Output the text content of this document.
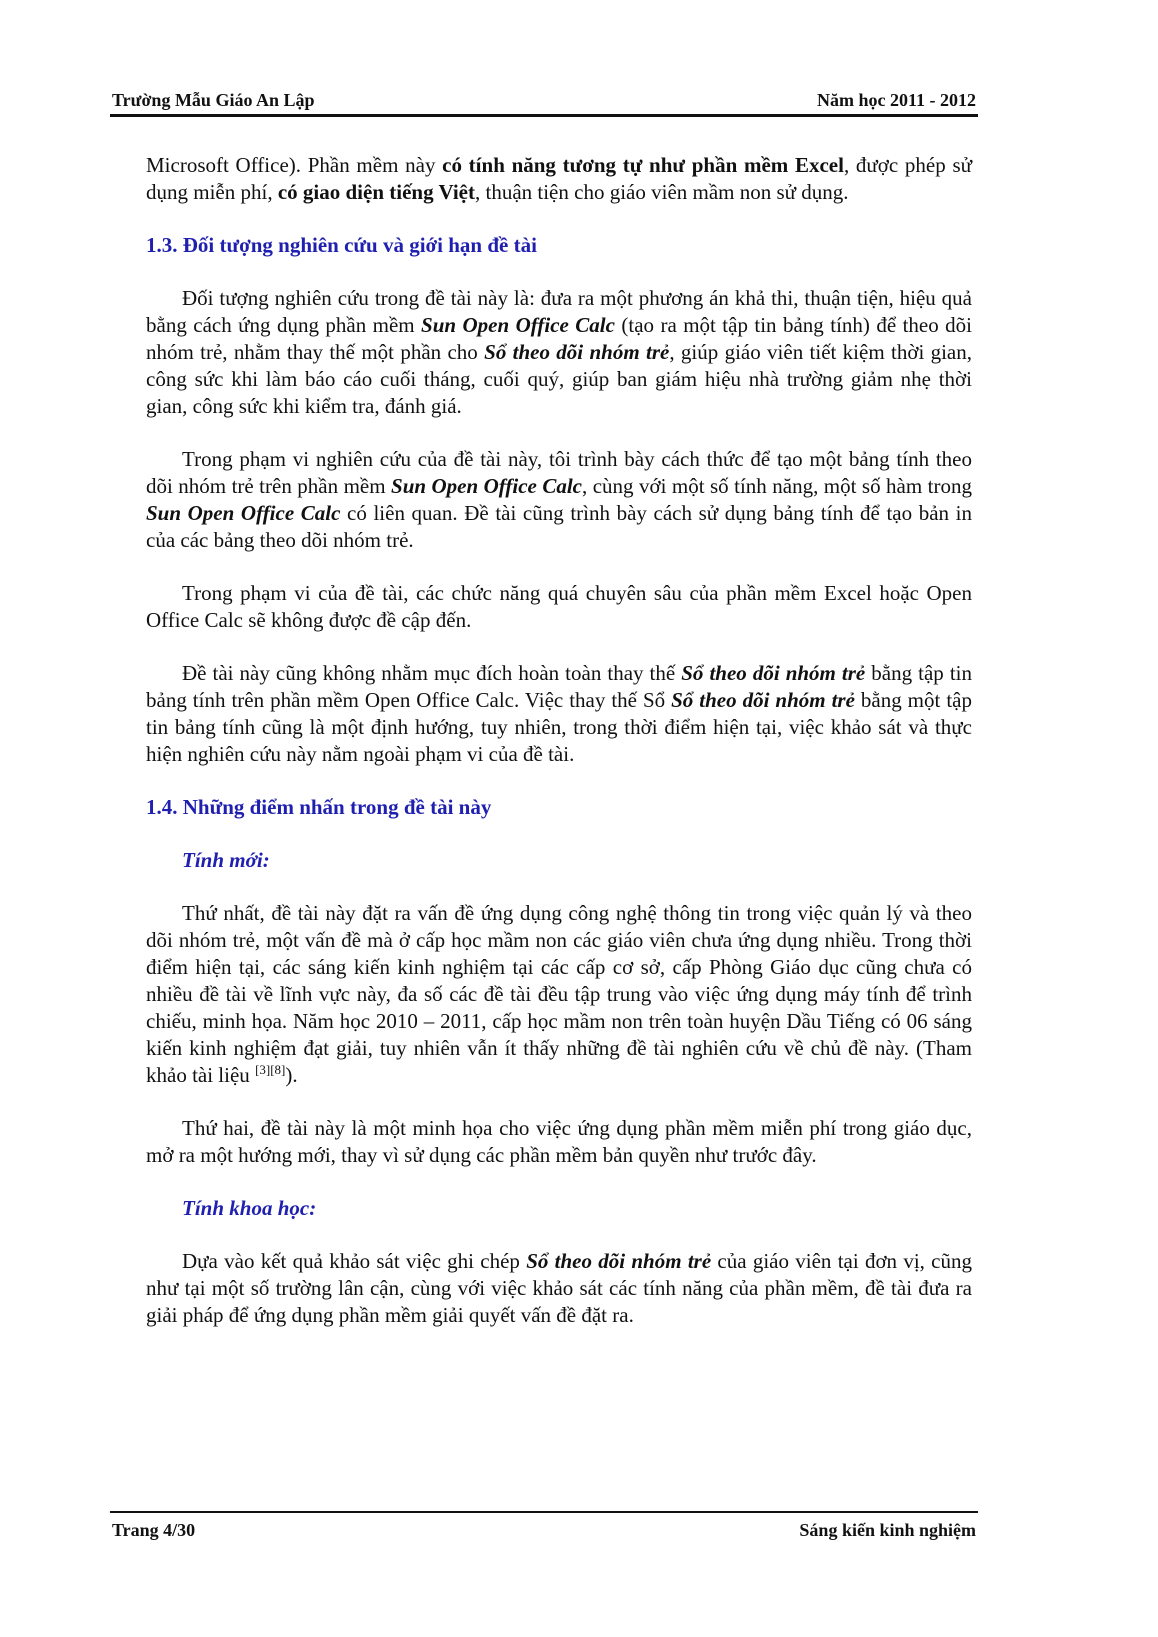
Trường Mẫu Giáo An Lập	Năm học 2011 - 2012

Microsoft Office). Phần mềm này có tính năng tương tự như phần mềm Excel, được phép sử dụng miễn phí, có giao diện tiếng Việt, thuận tiện cho giáo viên mầm non sử dụng.

1.3. Đối tượng nghiên cứu và giới hạn đề tài

Đối tượng nghiên cứu trong đề tài này là: đưa ra một phương án khả thi, thuận tiện, hiệu quả bằng cách ứng dụng phần mềm Sun Open Office Calc (tạo ra một tập tin bảng tính) để theo dõi nhóm trẻ, nhằm thay thế một phần cho Sổ theo dõi nhóm trẻ, giúp giáo viên tiết kiệm thời gian, công sức khi làm báo cáo cuối tháng, cuối quý, giúp ban giám hiệu nhà trường giảm nhẹ thời gian, công sức khi kiểm tra, đánh giá.

Trong phạm vi nghiên cứu của đề tài này, tôi trình bày cách thức để tạo một bảng tính theo dõi nhóm trẻ trên phần mềm Sun Open Office Calc, cùng với một số tính năng, một số hàm trong Sun Open Office Calc có liên quan. Đề tài cũng trình bày cách sử dụng bảng tính để tạo bản in của các bảng theo dõi nhóm trẻ.

Trong phạm vi của đề tài, các chức năng quá chuyên sâu của phần mềm Excel hoặc Open Office Calc sẽ không được đề cập đến.

Đề tài này cũng không nhằm mục đích hoàn toàn thay thế Sổ theo dõi nhóm trẻ bằng tập tin bảng tính trên phần mềm Open Office Calc. Việc thay thế Sổ Sổ theo dõi nhóm trẻ bằng một tập tin bảng tính cũng là một định hướng, tuy nhiên, trong thời điểm hiện tại, việc khảo sát và thực hiện nghiên cứu này nằm ngoài phạm vi của đề tài.

1.4. Những điểm nhấn trong đề tài này

Tính mới:

Thứ nhất, đề tài này đặt ra vấn đề ứng dụng công nghệ thông tin trong việc quản lý và theo dõi nhóm trẻ, một vấn đề mà ở cấp học mầm non các giáo viên chưa ứng dụng nhiều. Trong thời điểm hiện tại, các sáng kiến kinh nghiệm tại các cấp cơ sở, cấp Phòng Giáo dục cũng chưa có nhiều đề tài về lĩnh vực này, đa số các đề tài đều tập trung vào việc ứng dụng máy tính để trình chiếu, minh họa. Năm học 2010 – 2011, cấp học mầm non trên toàn huyện Dầu Tiếng có 06 sáng kiến kinh nghiệm đạt giải, tuy nhiên vẫn ít thấy những đề tài nghiên cứu về chủ đề này. (Tham khảo tài liệu [3][8]).

Thứ hai, đề tài này là một minh họa cho việc ứng dụng phần mềm miễn phí trong giáo dục, mở ra một hướng mới, thay vì sử dụng các phần mềm bản quyền như trước đây.

Tính khoa học:

Dựa vào kết quả khảo sát việc ghi chép Sổ theo dõi nhóm trẻ của giáo viên tại đơn vị, cũng như tại một số trường lân cận, cùng với việc khảo sát các tính năng của phần mềm, đề tài đưa ra giải pháp để ứng dụng phần mềm giải quyết vấn đề đặt ra.

Trang 4/30	Sáng kiến kinh nghiệm
